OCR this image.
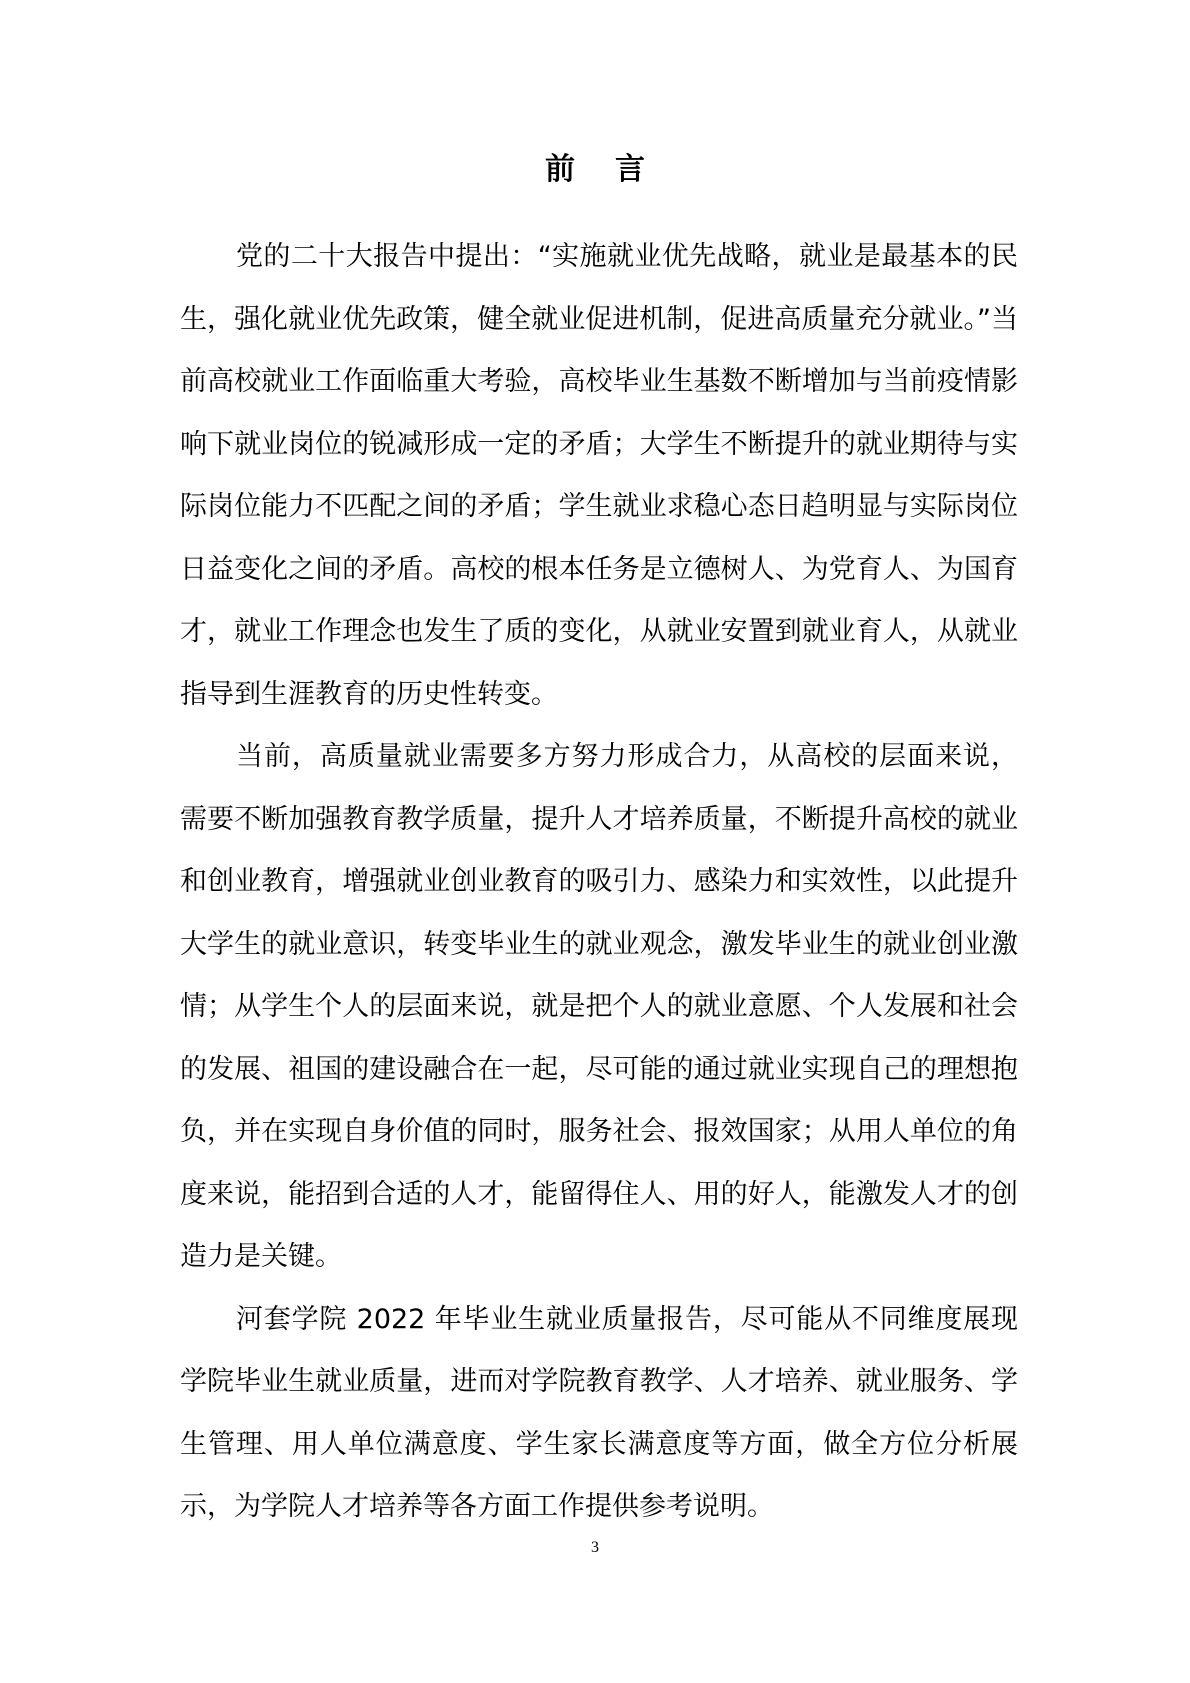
前 言

党的二十大报告中提出：“实施就业优先战略，就业是最基本的民生，强化就业优先政策，健全就业促进机制，促进高质量充分就业。”当前高校就业工作面临重大考验，高校毕业生基数不断增加与当前疫情影响下就业岗位的锐减形成一定的矛盾；大学生不断提升的就业期待与实际岗位能力不匹配之间的矛盾；学生就业求稳心态日趋明显与实际岗位日益变化之间的矛盾。高校的根本任务是立德树人、为党育人、为国育才，就业工作理念也发生了质的变化，从就业安置到就业育人，从就业指导到生涯教育的历史性转变。

当前，高质量就业需要多方努力形成合力，从高校的层面来说，需要不断加强教育教学质量，提升人才培养质量，不断提升高校的就业和创业教育，增强就业创业教育的吸引力、感染力和实效性，以此提升大学生的就业意识，转变毕业生的就业观念，激发毕业生的就业创业激情；从学生个人的层面来说，就是把个人的就业意愿、个人发展和社会的发展、祖国的建设融合在一起，尽可能的通过就业实现自己的理想抱负，并在实现自身价值的同时，服务社会、报效国家；从用人单位的角度来说，能招到合适的人才，能留得住人、用的好人，能激发人才的创造力是关键。

河套学院 2022 年毕业生就业质量报告，尽可能从不同维度展现学院毕业生就业质量，进而对学院教育教学、人才培养、就业服务、学生管理、用人单位满意度、学生家长满意度等方面，做全方位分析展示，为学院人才培养等各方面工作提供参考说明。

3
